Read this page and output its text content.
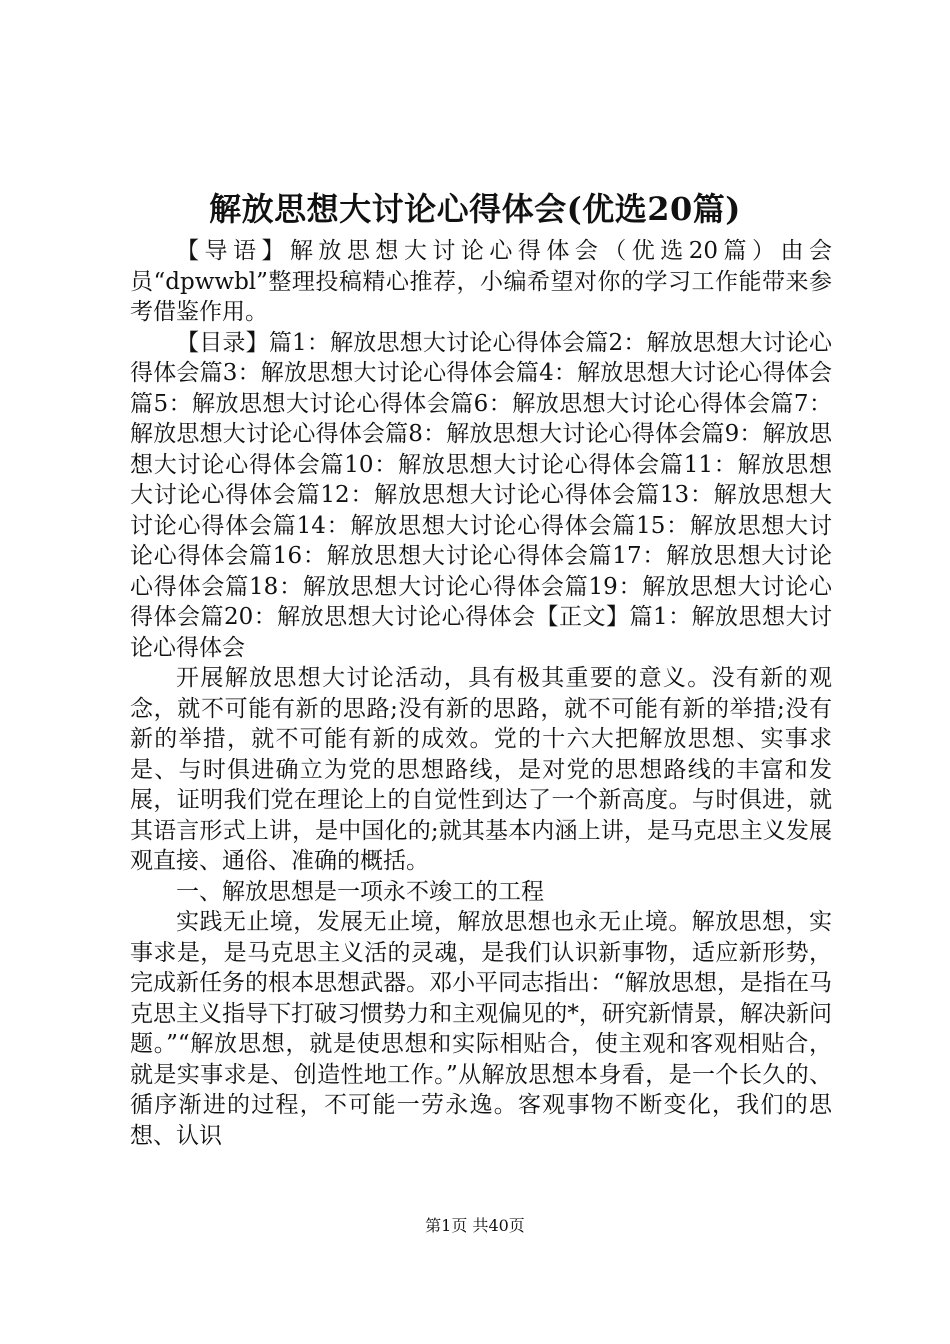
解放思想大讨论心得体会(优选20篇)

【导语】解放思想大讨论心得体会（优选20篇）由会员“dpwwbl”整理投稿精心推荐，小编希望对你的学习工作能带来参考借鉴作用。

【目录】篇1：解放思想大讨论心得体会篇2：解放思想大讨论心得体会篇3：解放思想大讨论心得体会篇4：解放思想大讨论心得体会篇5：解放思想大讨论心得体会篇6：解放思想大讨论心得体会篇7：解放思想大讨论心得体会篇8：解放思想大讨论心得体会篇9：解放思想大讨论心得体会篇10：解放思想大讨论心得体会篇11：解放思想大讨论心得体会篇12：解放思想大讨论心得体会篇13：解放思想大讨论心得体会篇14：解放思想大讨论心得体会篇15：解放思想大讨论心得体会篇16：解放思想大讨论心得体会篇17：解放思想大讨论心得体会篇18：解放思想大讨论心得体会篇19：解放思想大讨论心得体会篇20：解放思想大讨论心得体会【正文】篇1：解放思想大讨论心得体会

开展解放思想大讨论活动，具有极其重要的意义。没有新的观念，就不可能有新的思路;没有新的思路，就不可能有新的举措;没有新的举措，就不可能有新的成效。党的十六大把解放思想、实事求是、与时俱进确立为党的思想路线，是对党的思想路线的丰富和发展，证明我们党在理论上的自觉性到达了一个新高度。与时俱进，就其语言形式上讲，是中国化的;就其基本内涵上讲，是马克思主义发展观直接、通俗、准确的概括。

一、解放思想是一项永不竣工的工程

实践无止境，发展无止境，解放思想也永无止境。解放思想，实事求是，是马克思主义活的灵魂，是我们认识新事物，适应新形势，完成新任务的根本思想武器。邓小平同志指出：“解放思想，是指在马克思主义指导下打破习惯势力和主观偏见的*，研究新情景，解决新问题。”“解放思想，就是使思想和实际相贴合，使主观和客观相贴合，就是实事求是、创造性地工作。”从解放思想本身看，是一个长久的、循序渐进的过程，不可能一劳永逸。客观事物不断变化，我们的思想、认识

第1页 共40页
